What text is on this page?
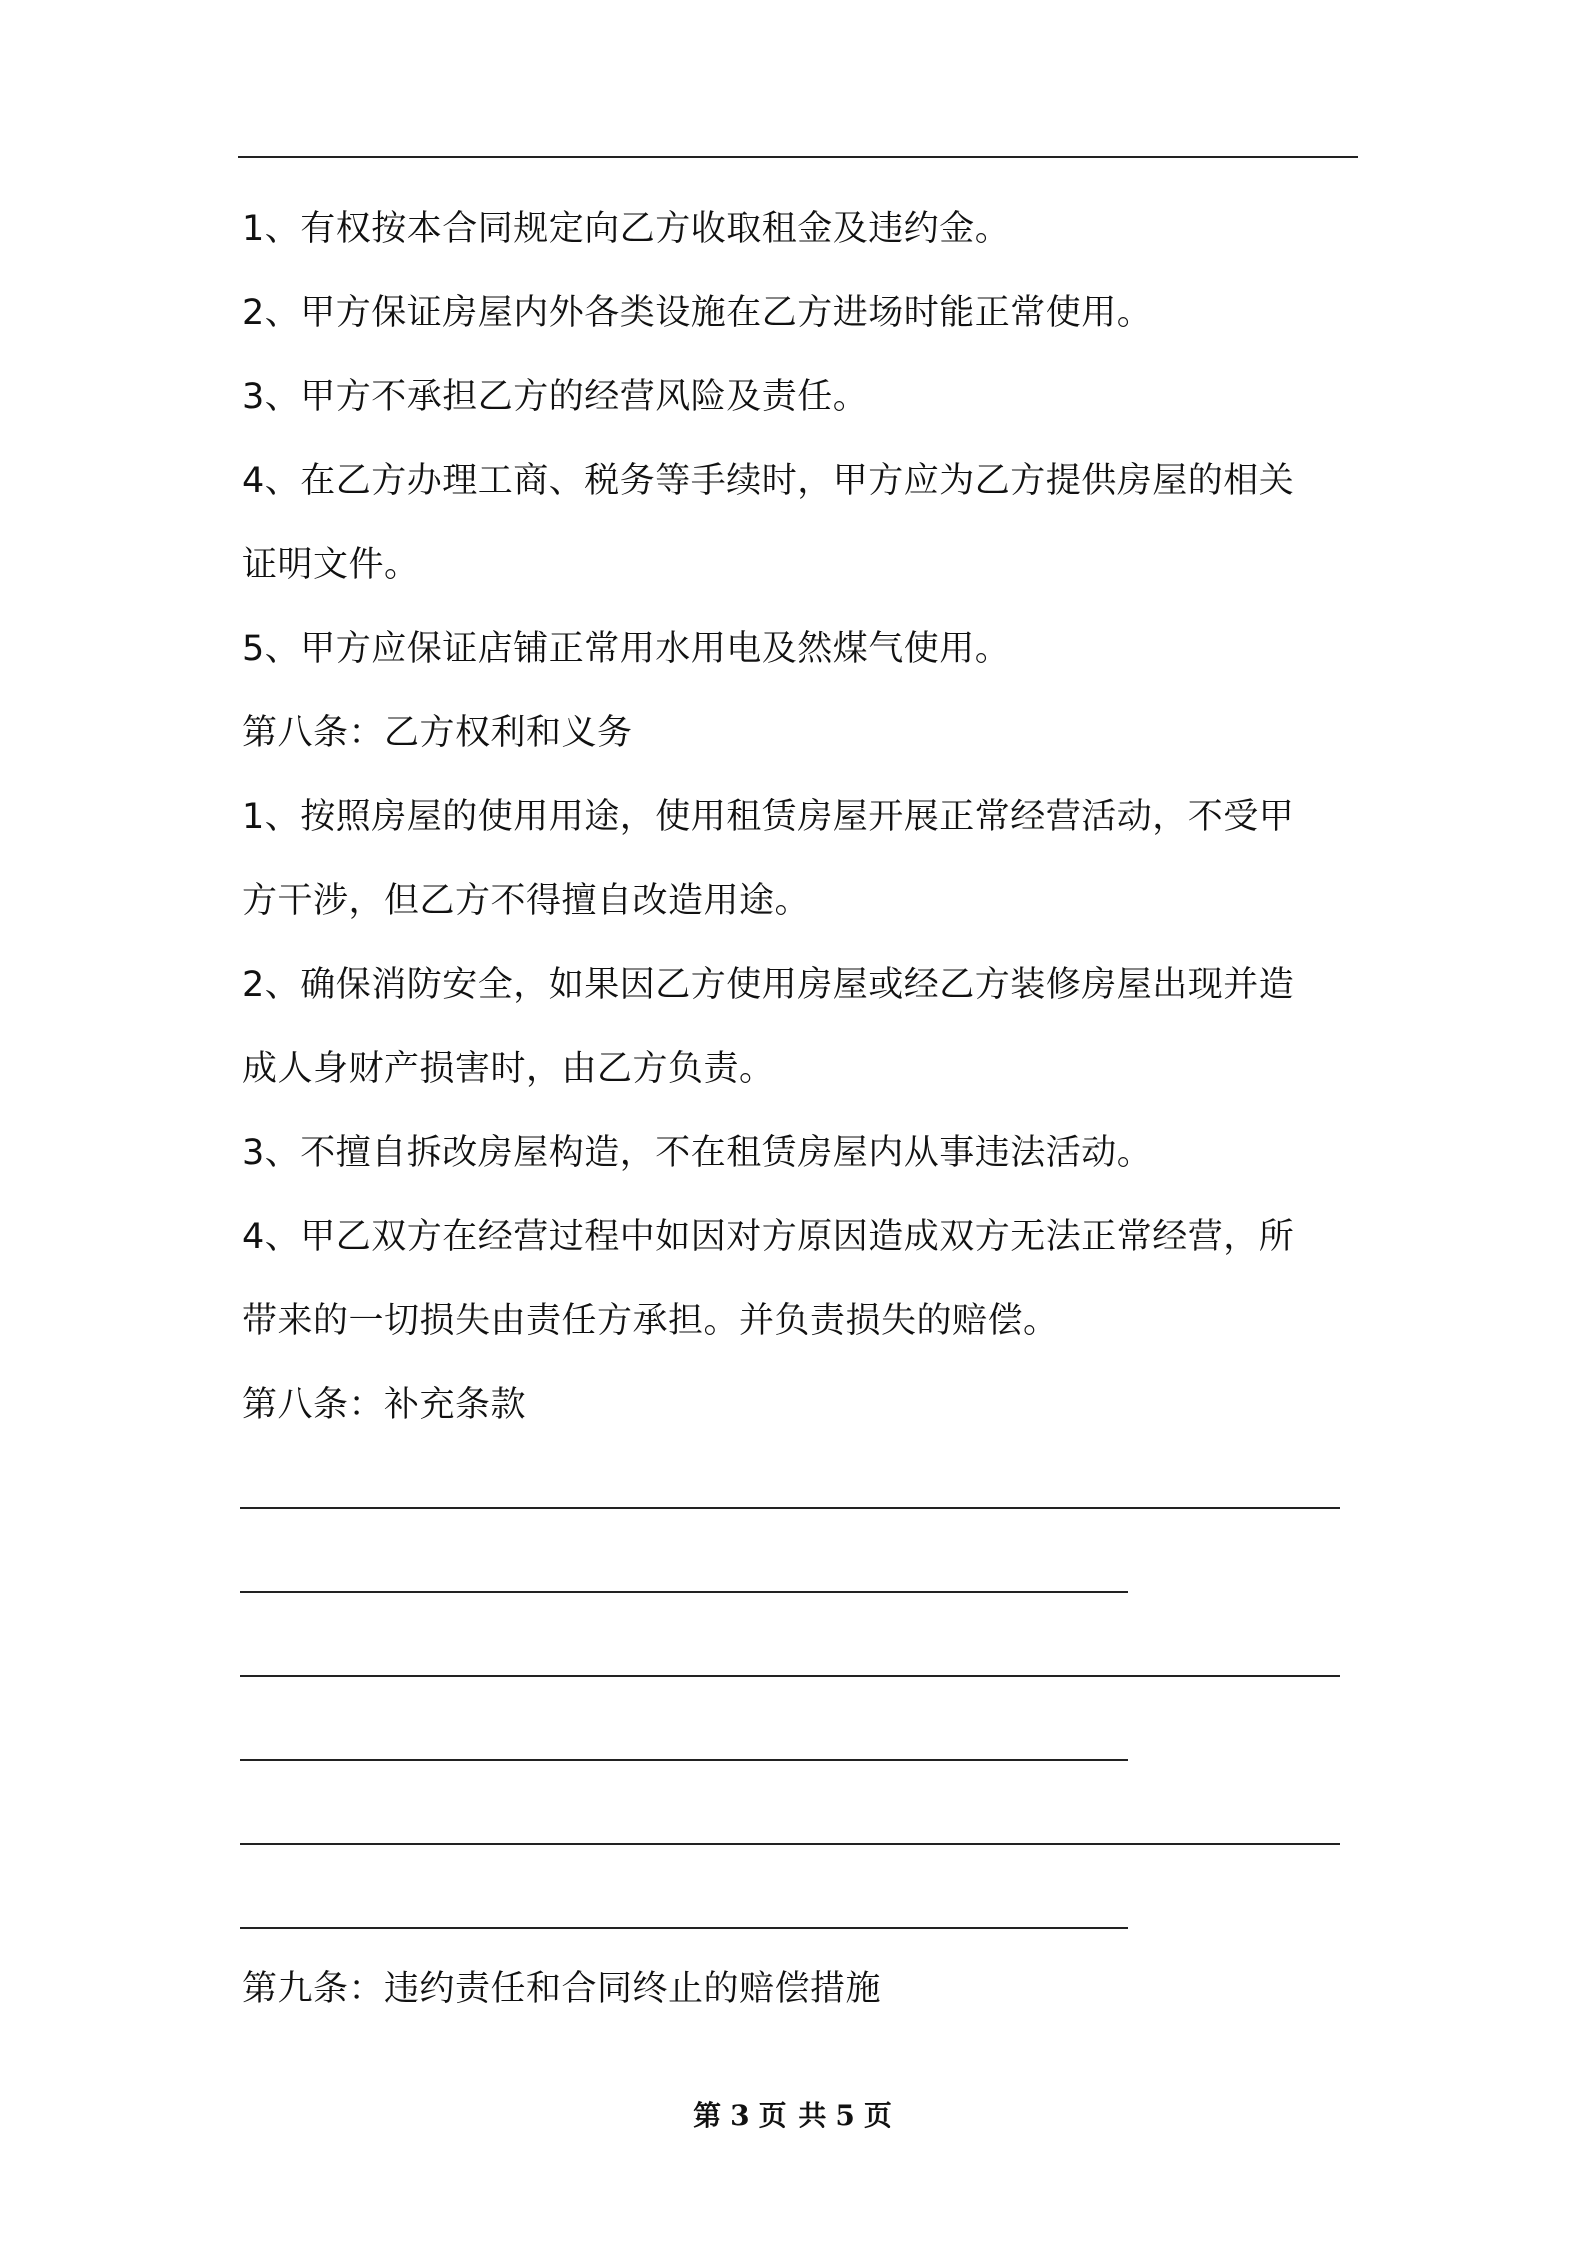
1、有权按本合同规定向乙方收取租金及违约金。
2、甲方保证房屋内外各类设施在乙方进场时能正常使用。
3、甲方不承担乙方的经营风险及责任。
4、在乙方办理工商、税务等手续时，甲方应为乙方提供房屋的相关
证明文件。
5、甲方应保证店铺正常用水用电及然煤气使用。
第八条：乙方权利和义务
1、按照房屋的使用用途，使用租赁房屋开展正常经营活动，不受甲
方干涉，但乙方不得擅自改造用途。
2、确保消防安全，如果因乙方使用房屋或经乙方装修房屋出现并造
成人身财产损害时，由乙方负责。
3、不擅自拆改房屋构造，不在租赁房屋内从事违法活动。
4、甲乙双方在经营过程中如因对方原因造成双方无法正常经营，所
带来的一切损失由责任方承担。并负责损失的赔偿。
第八条：补充条款
第九条：违约责任和合同终止的赔偿措施
第 3 页 共 5 页
